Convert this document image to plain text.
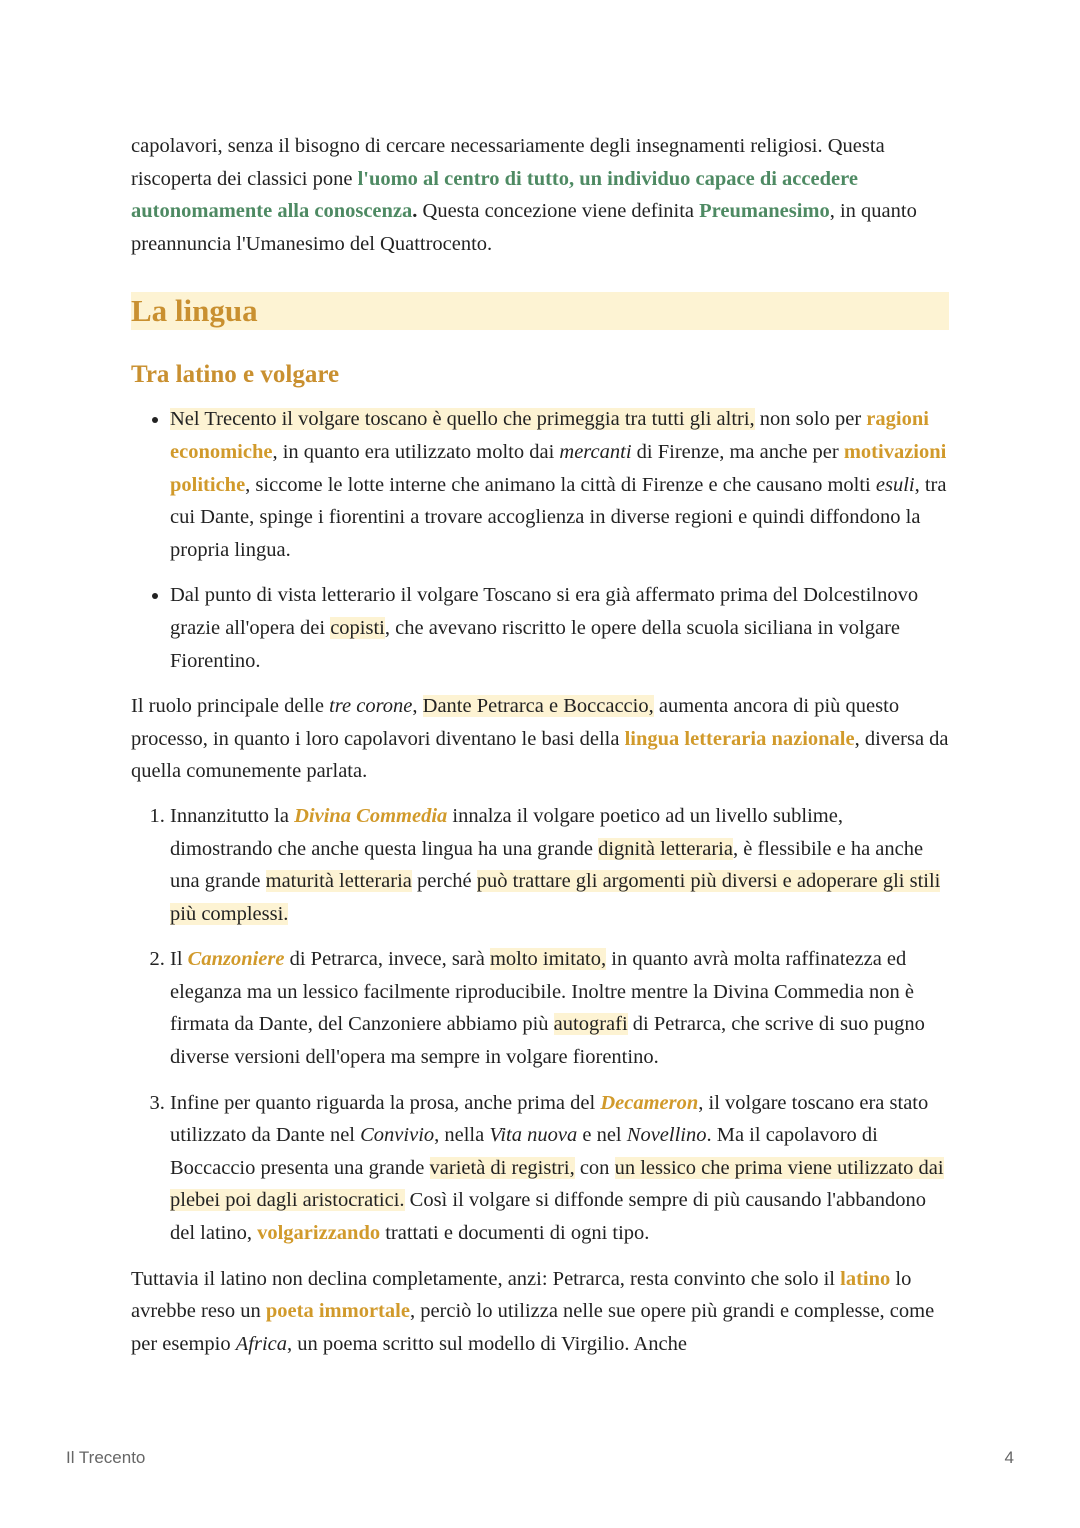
capolavori, senza il bisogno di cercare necessariamente degli insegnamenti religiosi. Questa riscoperta dei classici pone l'uomo al centro di tutto, un individuo capace di accedere autonomamente alla conoscenza. Questa concezione viene definita Preumanesimo, in quanto preannuncia l'Umanesimo del Quattrocento.

La lingua
Tra latino e volgare
• Nel Trecento il volgare toscano è quello che primeggia tra tutti gli altri, non solo per ragioni economiche, in quanto era utilizzato molto dai mercanti di Firenze, ma anche per motivazioni politiche, siccome le lotte interne che animano la città di Firenze e che causano molti esuli, tra cui Dante, spinge i fiorentini a trovare accoglienza in diverse regioni e quindi diffondono la propria lingua.
• Dal punto di vista letterario il volgare Toscano si era già affermato prima del Dolcestilnovo grazie all'opera dei copisti, che avevano riscritto le opere della scuola siciliana in volgare Fiorentino.

Il ruolo principale delle tre corone, Dante Petrarca e Boccaccio, aumenta ancora di più questo processo, in quanto i loro capolavori diventano le basi della lingua letteraria nazionale, diversa da quella comunemente parlata.

1. Innanzitutto la Divina Commedia innalza il volgare poetico ad un livello sublime, dimostrando che anche questa lingua ha una grande dignità letteraria, è flessibile e ha anche una grande maturità letteraria perché può trattare gli argomenti più diversi e adoperare gli stili più complessi.
2. Il Canzoniere di Petrarca, invece, sarà molto imitato, in quanto avrà molta raffinatezza ed eleganza ma un lessico facilmente riproducibile. Inoltre mentre la Divina Commedia non è firmata da Dante, del Canzoniere abbiamo più autografi di Petrarca, che scrive di suo pugno diverse versioni dell'opera ma sempre in volgare fiorentino.
3. Infine per quanto riguarda la prosa, anche prima del Decameron, il volgare toscano era stato utilizzato da Dante nel Convivio, nella Vita nuova e nel Novellino. Ma il capolavoro di Boccaccio presenta una grande varietà di registri, con un lessico che prima viene utilizzato dai plebei poi dagli aristocratici. Così il volgare si diffonde sempre di più causando l'abbandono del latino, volgarizzando trattati e documenti di ogni tipo.

Tuttavia il latino non declina completamente, anzi: Petrarca, resta convinto che solo il latino lo avrebbe reso un poeta immortale, perciò lo utilizza nelle sue opere più grandi e complesse, come per esempio Africa, un poema scritto sul modello di Virgilio. Anche

Il Trecento	4
